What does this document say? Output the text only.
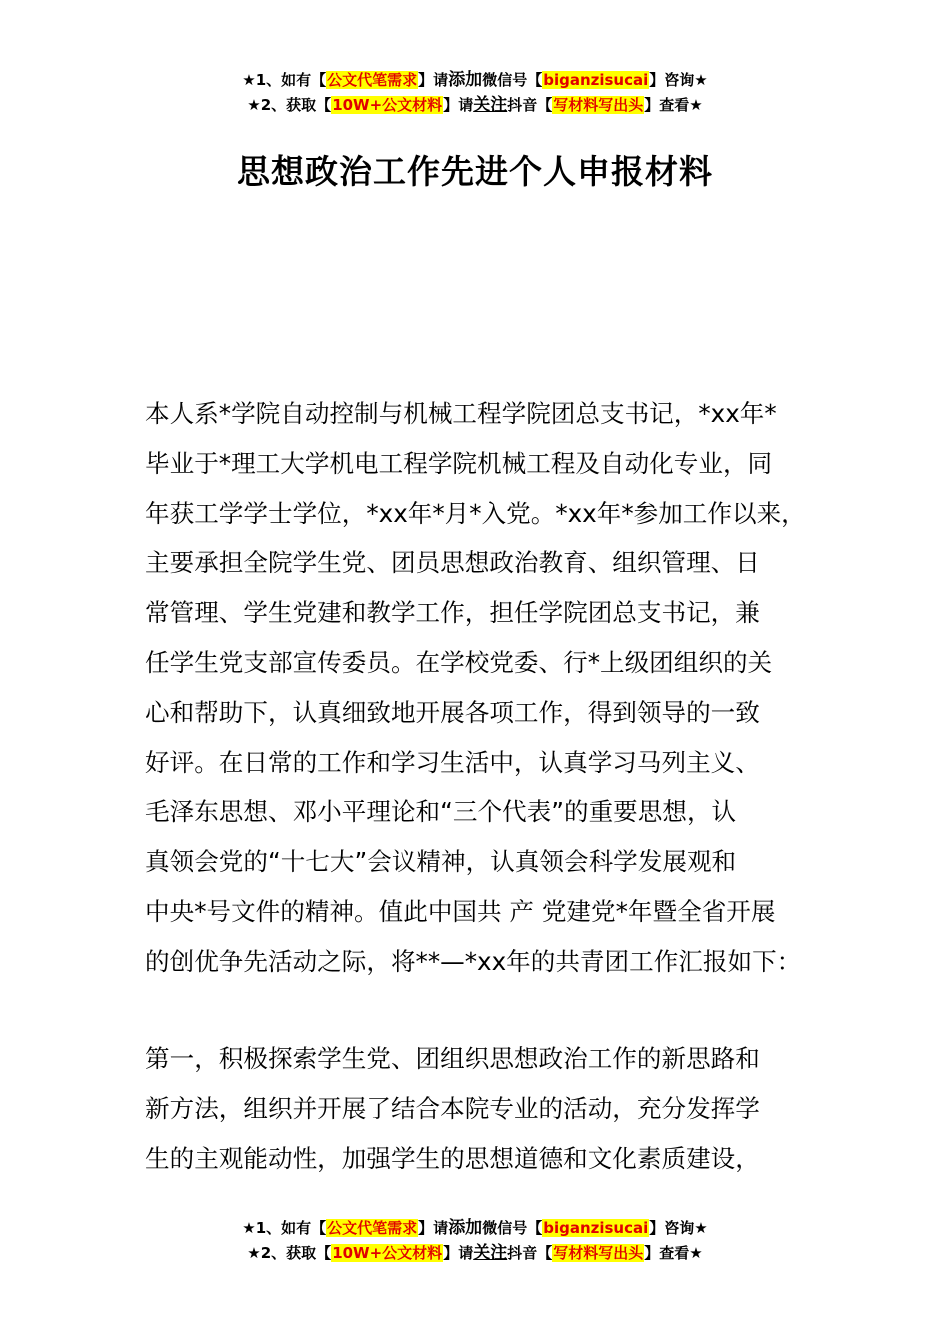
★1、如有【公文代笔需求】请添加微信号【biganzisucai】咨询★
★2、获取【10W+公文材料】请关注抖音【写材料写出头】查看★
思想政治工作先进个人申报材料
本人系*学院自动控制与机械工程学院团总支书记，*xx年*
毕业于*理工大学机电工程学院机械工程及自动化专业，同
年获工学学士学位，*xx年*月*入党。*xx年*参加工作以来，
主要承担全院学生党、团员思想政治教育、组织管理、日
常管理、学生党建和教学工作，担任学院团总支书记，兼
任学生党支部宣传委员。在学校党委、行*上级团组织的关
心和帮助下，认真细致地开展各项工作，得到领导的一致
好评。在日常的工作和学习生活中，认真学习马列主义、
毛泽东思想、邓小平理论和“三个代表”的重要思想，认
真领会党的“十七大”会议精神，认真领会科学发展观和
中央*号文件的精神。值此中国共 产 党建党*年暨全省开展
的创优争先活动之际，将**—*xx年的共青团工作汇报如下：
第一，积极探索学生党、团组织思想政治工作的新思路和
新方法，组织并开展了结合本院专业的活动，充分发挥学
生的主观能动性，加强学生的思想道德和文化素质建设，
★1、如有【公文代笔需求】请添加微信号【biganzisucai】咨询★
★2、获取【10W+公文材料】请关注抖音【写材料写出头】查看★
